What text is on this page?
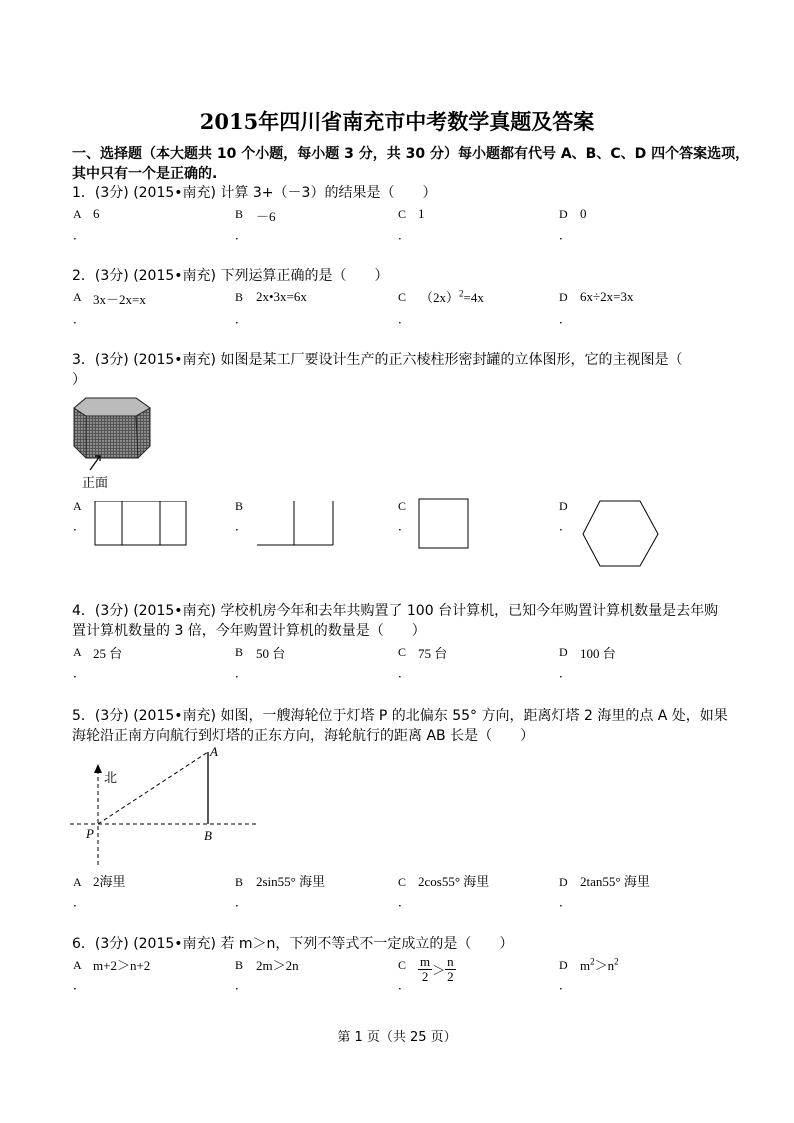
2015年四川省南充市中考数学真题及答案
一、选择题（本大题共 10 个小题，每小题 3 分，共 30 分）每小题都有代号 A、B、C、D 四个答案选项，
其中只有一个是正确的.
1．(3分) (2015•南充) 计算 3+（－3）的结果是（　　）
A 6	B －6	C 1	D 0
．	．	．	．
2．(3分) (2015•南充) 下列运算正确的是（　　）
A 3x－2x=x	B 2x•3x=6x	C $(2x)^2=4x$	D 6x÷2x=3x
．	．	．	．
3．(3分) (2015•南充) 如图是某工厂要设计生产的正六棱柱形密封罐的立体图形，它的主视图是（
）
正面
A
．
B
．
C
．
D
．
4．(3分) (2015•南充) 学校机房今年和去年共购置了 100 台计算机，已知今年购置计算机数量是去年购
置计算机数量的 3 倍，今年购置计算机的数量是（　　）
A 25 台	B 50 台	C 75 台	D 100 台
．	．	．	．
5．(3分) (2015•南充) 如图，一艘海轮位于灯塔 P 的北偏东 55° 方向，距离灯塔 2 海里的点 A 处，如果
海轮沿正南方向航行到灯塔的正东方向，海轮航行的距离 AB 长是（　　）
北
A
P	B
A 2海里	B 2sin55° 海里	C 2cos55° 海里	D 2tan55° 海里
．	．	．	．
6．(3分) (2015•南充) 若 m＞n，下列不等式不一定成立的是（　　）
A m+2＞n+2	B 2m＞2n	C $\frac{m}{2} > \frac{n}{2}$	D $m^2>n^2$
．	．	．	．
第 1 页（共 25 页）
